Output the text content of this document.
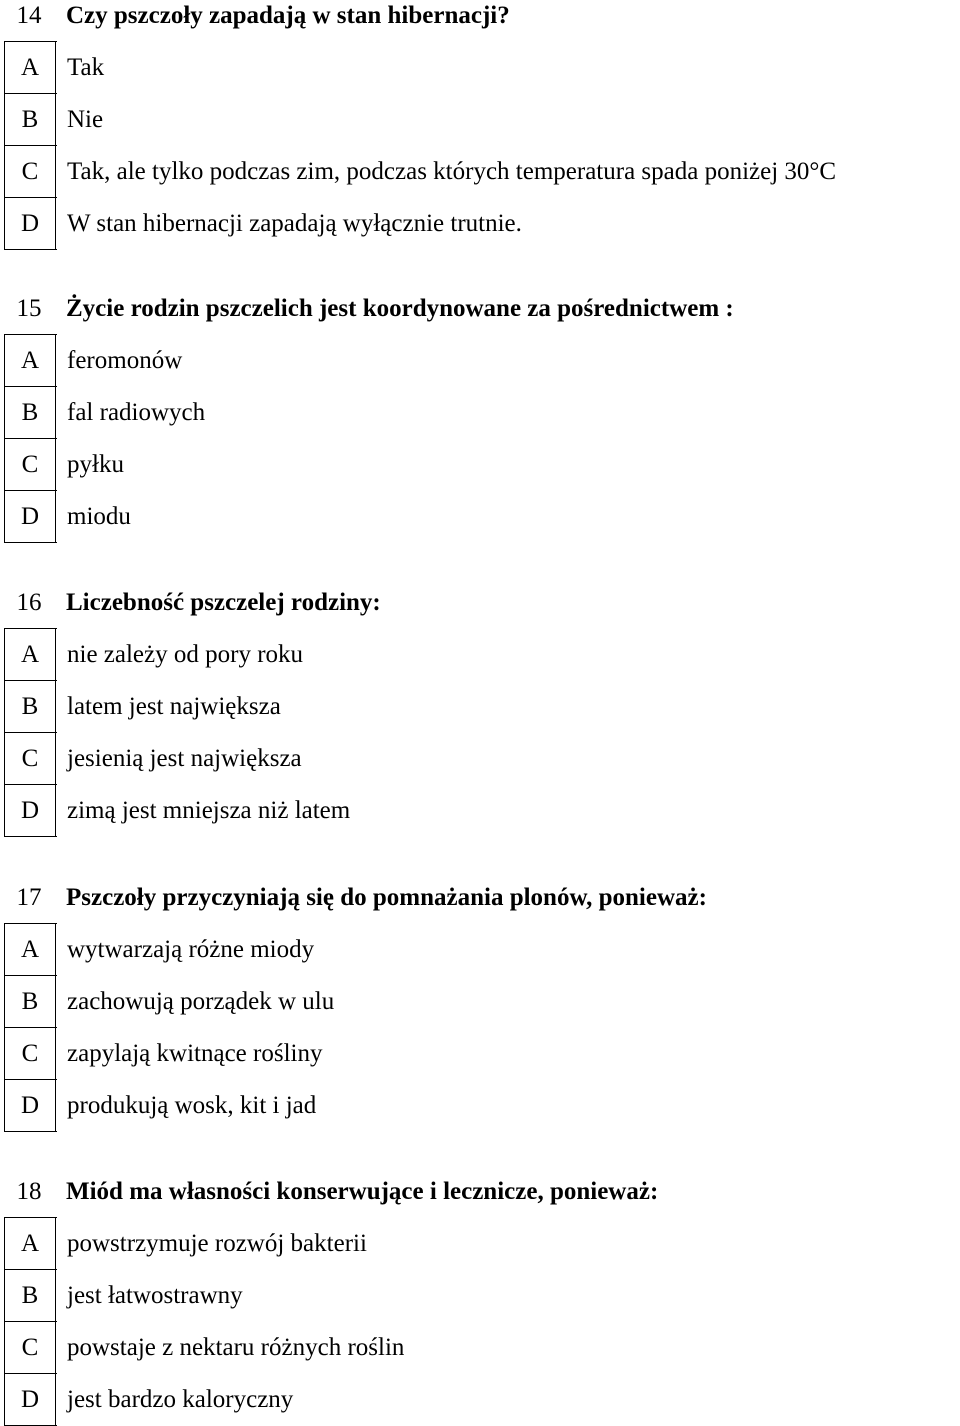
14 Czy pszczoły zapadają w stan hibernacji?
A	Tak
B	Nie
C	Tak, ale tylko podczas zim, podczas których temperatura spada poniżej 30°C
D	W stan hibernacji zapadają wyłącznie trutnie.
15 Życie rodzin pszczelich jest koordynowane za pośrednictwem :
A	feromonów
B	fal radiowych
C	pyłku
D	miodu
16 Liczebność pszczelej rodziny:
A	nie zależy od pory roku
B	latem jest największa
C	jesienią jest największa
D	zimą jest mniejsza niż latem
17 Pszczoły przyczyniają się do pomnażania plonów, ponieważ:
A	wytwarzają różne miody
B	zachowują porządek w ulu
C	zapylają kwitnące rośliny
D	produkują wosk, kit i jad
18 Miód ma własności konserwujące i lecznicze, ponieważ:
A	powstrzymuje rozwój bakterii
B	jest łatwostrawny
C	powstaje z nektaru różnych roślin
D	jest bardzo kaloryczny
